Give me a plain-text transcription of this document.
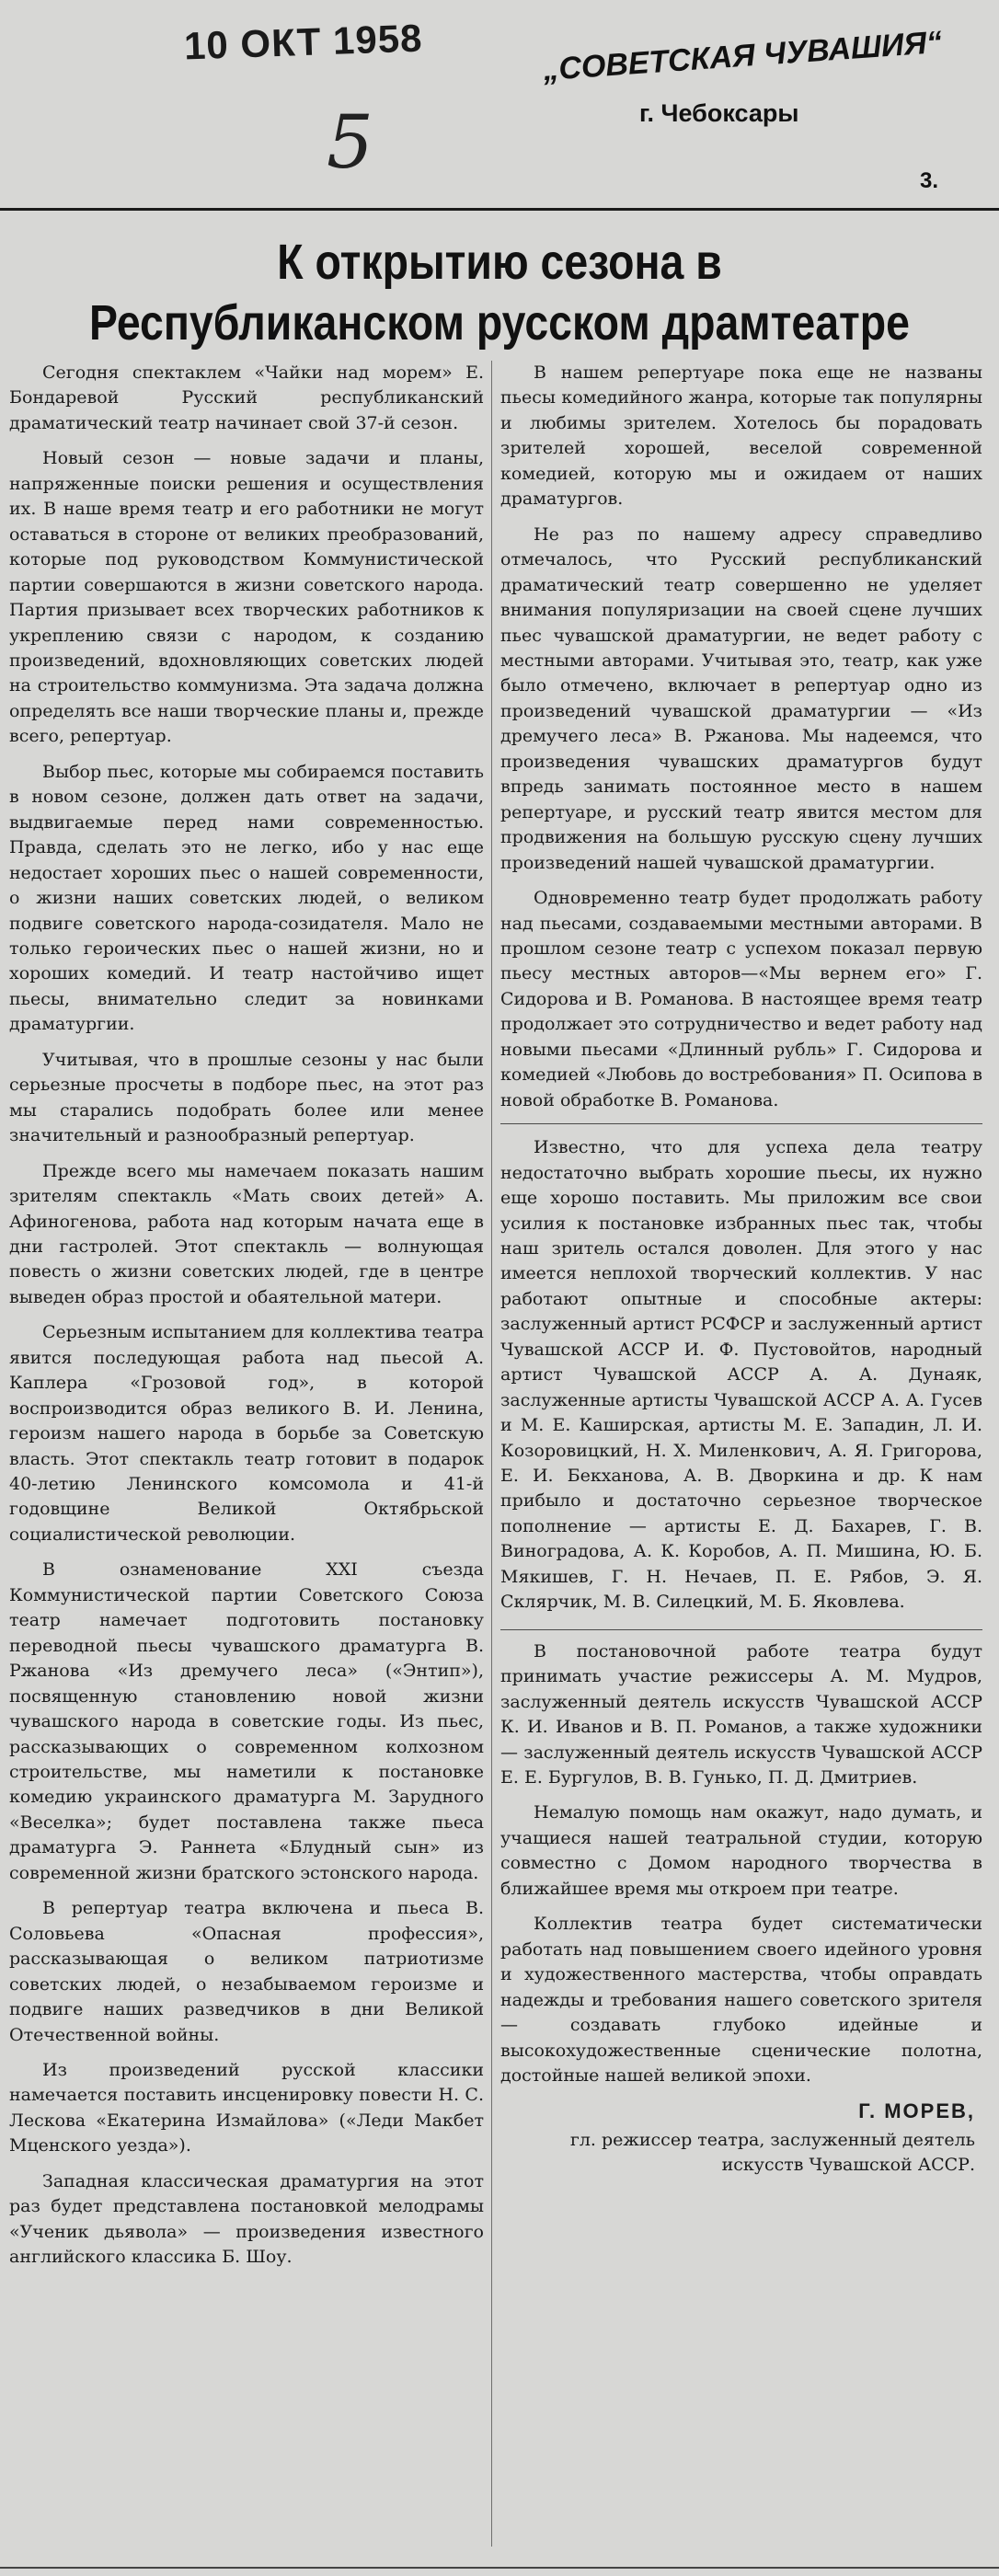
10 ОКТ 1958
5
„СОВЕТСКАЯ ЧУВАШИЯ“
г. Чебоксары
3.
К открытию сезона в Республиканском русском драмтеатре

Сегодня спектаклем «Чайки над морем» Е. Бондаревой Русский республиканский драматический театр начинает свой 37-й сезон.

Новый сезон — новые задачи и планы, напряженные поиски решения и осуществления их. В наше время театр и его работники не могут оставаться в стороне от великих преобразований, которые под руководством Коммунистической партии совершаются в жизни советского народа. Партия призывает всех творческих работников к укреплению связи с народом, к созданию произведений, вдохновляющих советских людей на строительство коммунизма. Эта задача должна определять все наши творческие планы и, прежде всего, репертуар.

Выбор пьес, которые мы собираемся поставить в новом сезоне, должен дать ответ на задачи, выдвигаемые перед нами современностью. Правда, сделать это не легко, ибо у нас еще недостает хороших пьес о нашей современности, о жизни наших советских людей, о великом подвиге советского народа-созидателя. Мало не только героических пьес о нашей жизни, но и хороших комедий. И театр настойчиво ищет пьесы, внимательно следит за новинками драматургии.

Учитывая, что в прошлые сезоны у нас были серьезные просчеты в подборе пьес, на этот раз мы старались подобрать более или менее значительный и разнообразный репертуар.

Прежде всего мы намечаем показать нашим зрителям спектакль «Мать своих детей» А. Афиногенова, работа над которым начата еще в дни гастролей. Этот спектакль — волнующая повесть о жизни советских людей, где в центре выведен образ простой и обаятельной матери.

Серьезным испытанием для коллектива театра явится последующая работа над пьесой А. Каплера «Грозовой год», в которой воспроизводится образ великого В. И. Ленина, героизм нашего народа в борьбе за Советскую власть. Этот спектакль театр готовит в подарок 40-летию Ленинского комсомола и 41-й годовщине Великой Октябрьской социалистической революции.

В ознаменование XXI съезда Коммунистической партии Советского Союза театр намечает подготовить постановку переводной пьесы чувашского драматурга В. Ржанова «Из дремучего леса» («Энтип»), посвященную становлению новой жизни чувашского народа в советские годы. Из пьес, рассказывающих о современном колхозном строительстве, мы наметили к постановке комедию украинского драматурга М. Зарудного «Веселка»; будет поставлена также пьеса драматурга Э. Раннета «Блудный сын» из современной жизни братского эстонского народа.

В репертуар театра включена и пьеса В. Соловьева «Опасная профессия», рассказывающая о великом патриотизме советских людей, о незабываемом героизме и подвиге наших разведчиков в дни Великой Отечественной войны.

Из произведений русской классики намечается поставить инсценировку повести Н. С. Лескова «Екатерина Измайлова» («Леди Макбет Мценского уезда»).

Западная классическая драматургия на этот раз будет представлена постановкой мелодрамы «Ученик дьявола» — произведения известного английского классика Б. Шоу.

В нашем репертуаре пока еще не названы пьесы комедийного жанра, которые так популярны и любимы зрителем. Хотелось бы порадовать зрителей хорошей, веселой современной комедией, которую мы и ожидаем от наших драматургов.

Не раз по нашему адресу справедливо отмечалось, что Русский республиканский драматический театр совершенно не уделяет внимания популяризации на своей сцене лучших пьес чувашской драматургии, не ведет работу с местными авторами. Учитывая это, театр, как уже было отмечено, включает в репертуар одно из произведений чувашской драматургии — «Из дремучего леса» В. Ржанова. Мы надеемся, что произведения чувашских драматургов будут впредь занимать постоянное место в нашем репертуаре, и русский театр явится местом для продвижения на большую русскую сцену лучших произведений нашей чувашской драматургии.

Одновременно театр будет продолжать работу над пьесами, создаваемыми местными авторами. В прошлом сезоне театр с успехом показал первую пьесу местных авторов—«Мы вернем его» Г. Сидорова и В. Романова. В настоящее время театр продолжает это сотрудничество и ведет работу над новыми пьесами «Длинный рубль» Г. Сидорова и комедией «Любовь до востребования» П. Осипова в новой обработке В. Романова.

Известно, что для успеха дела театру недостаточно выбрать хорошие пьесы, их нужно еще хорошо поставить. Мы приложим все свои усилия к постановке избранных пьес так, чтобы наш зритель остался доволен. Для этого у нас имеется неплохой творческий коллектив. У нас работают опытные и способные актеры: заслуженный артист РСФСР и заслуженный артист Чувашской АССР И. Ф. Пустовойтов, народный артист Чувашской АССР А. А. Дунаяк, заслуженные артисты Чувашской АССР А. А. Гусев и М. Е. Каширская, артисты М. Е. Западин, Л. И. Козоровицкий, Н. Х. Миленкович, А. Я. Григорова, Е. И. Бекханова, А. В. Дворкина и др. К нам прибыло и достаточно серьезное творческое пополнение — артисты Е. Д. Бахарев, Г. В. Виноградова, А. К. Коробов, А. П. Мишина, Ю. Б. Мякишев, Г. Н. Нечаев, П. Е. Рябов, Э. Я. Склярчик, М. В. Силецкий, М. Б. Яковлева.

В постановочной работе театра будут принимать участие режиссеры А. М. Мудров, заслуженный деятель искусств Чувашской АССР К. И. Иванов и В. П. Романов, а также художники — заслуженный деятель искусств Чувашской АССР Е. Е. Бургулов, В. В. Гунько, П. Д. Дмитриев.

Немалую помощь нам окажут, надо думать, и учащиеся нашей театральной студии, которую совместно с Домом народного творчества в ближайшее время мы откроем при театре.

Коллектив театра будет систематически работать над повышением своего идейного уровня и художественного мастерства, чтобы оправдать надежды и требования нашего советского зрителя — создавать глубоко идейные и высокохудожественные сценические полотна, достойные нашей великой эпохи.

Г. МОРЕВ,
гл. режиссер театра, заслуженный деятель искусств Чувашской АССР.
